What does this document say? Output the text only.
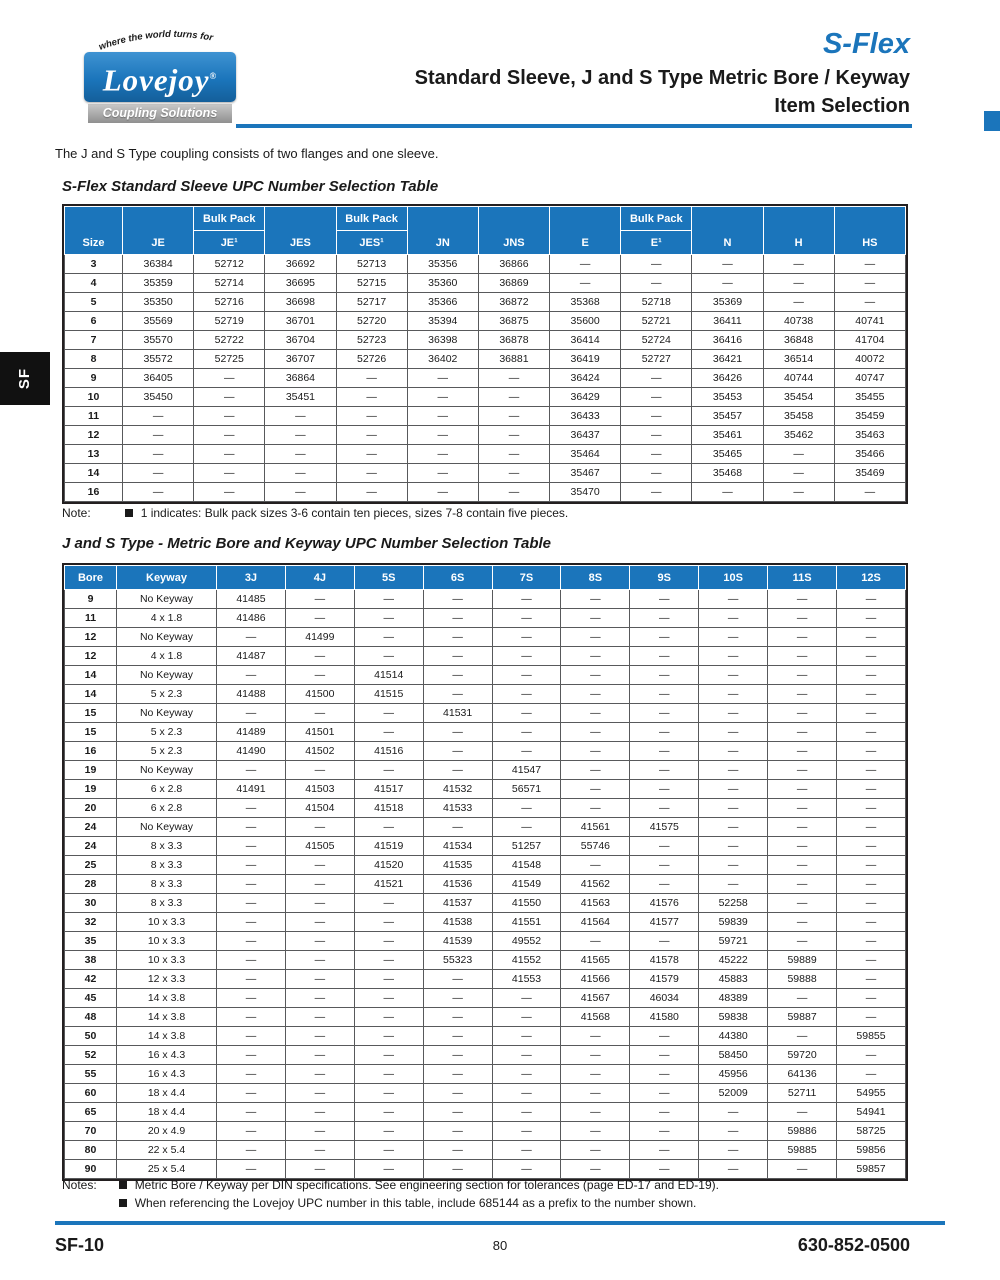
where the world turns for
Lovejoy®
Coupling Solutions
S-Flex
Standard Sleeve, J and S Type Metric Bore / Keyway
Item Selection
The J and S Type coupling consists of two flanges and one sleeve.
S-Flex Standard Sleeve UPC Number Selection Table
Size	JE	Bulk Pack	JES	Bulk Pack	JN	JNS	E	Bulk Pack	N	H	HS
		JE¹		JES¹				E¹			
3	36384	52712	36692	52713	35356	36866	—	—	—	—	—
4	35359	52714	36695	52715	35360	36869	—	—	—	—	—
5	35350	52716	36698	52717	35366	36872	35368	52718	35369	—	—
6	35569	52719	36701	52720	35394	36875	35600	52721	36411	40738	40741
7	35570	52722	36704	52723	36398	36878	36414	52724	36416	36848	41704
8	35572	52725	36707	52726	36402	36881	36419	52727	36421	36514	40072
9	36405	—	36864	—	—	—	36424	—	36426	40744	40747
10	35450	—	35451	—	—	—	36429	—	35453	35454	35455
11	—	—	—	—	—	—	36433	—	35457	35458	35459
12	—	—	—	—	—	—	36437	—	35461	35462	35463
13	—	—	—	—	—	—	35464	—	35465	—	35466
14	—	—	—	—	—	—	35467	—	35468	—	35469
16	—	—	—	—	—	—	35470	—	—	—	—
Note:	1 indicates: Bulk pack sizes 3-6 contain ten pieces, sizes 7-8 contain five pieces.
J and S Type - Metric Bore and Keyway UPC Number Selection Table
Bore	Keyway	3J	4J	5S	6S	7S	8S	9S	10S	11S	12S
9	No Keyway	41485	—	—	—	—	—	—	—	—	—
11	4 x 1.8	41486	—	—	—	—	—	—	—	—	—
12	No Keyway	—	41499	—	—	—	—	—	—	—	—
12	4 x 1.8	41487	—	—	—	—	—	—	—	—	—
14	No Keyway	—	—	41514	—	—	—	—	—	—	—
14	5 x 2.3	41488	41500	41515	—	—	—	—	—	—	—
15	No Keyway	—	—	—	41531	—	—	—	—	—	—
15	5 x 2.3	41489	41501	—	—	—	—	—	—	—	—
16	5 x 2.3	41490	41502	41516	—	—	—	—	—	—	—
19	No Keyway	—	—	—	—	41547	—	—	—	—	—
19	6 x 2.8	41491	41503	41517	41532	56571	—	—	—	—	—
20	6 x 2.8	—	41504	41518	41533	—	—	—	—	—	—
24	No Keyway	—	—	—	—	—	41561	41575	—	—	—
24	8 x 3.3	—	41505	41519	41534	51257	55746	—	—	—	—
25	8 x 3.3	—	—	41520	41535	41548	—	—	—	—	—
28	8 x 3.3	—	—	41521	41536	41549	41562	—	—	—	—
30	8 x 3.3	—	—	—	41537	41550	41563	41576	52258	—	—
32	10 x 3.3	—	—	—	41538	41551	41564	41577	59839	—	—
35	10 x 3.3	—	—	—	41539	49552	—	—	59721	—	—
38	10 x 3.3	—	—	—	55323	41552	41565	41578	45222	59889	—
42	12 x 3.3	—	—	—	—	41553	41566	41579	45883	59888	—
45	14 x 3.8	—	—	—	—	—	41567	46034	48389	—	—
48	14 x 3.8	—	—	—	—	—	41568	41580	59838	59887	—
50	14 x 3.8	—	—	—	—	—	—	—	44380	—	59855
52	16 x 4.3	—	—	—	—	—	—	—	58450	59720	—
55	16 x 4.3	—	—	—	—	—	—	—	45956	64136	—
60	18 x 4.4	—	—	—	—	—	—	—	52009	52711	54955
65	18 x 4.4	—	—	—	—	—	—	—	—	—	54941
70	20 x 4.9	—	—	—	—	—	—	—	—	59886	58725
80	22 x 5.4	—	—	—	—	—	—	—	—	59885	59856
90	25 x 5.4	—	—	—	—	—	—	—	—	—	59857
Notes:	Metric Bore / Keyway per DIN specifications. See engineering section for tolerances (page ED-17 and ED-19).
When referencing the Lovejoy UPC number in this table, include 685144 as a prefix to the number shown.
SF-10	80	630-852-0500
SF
